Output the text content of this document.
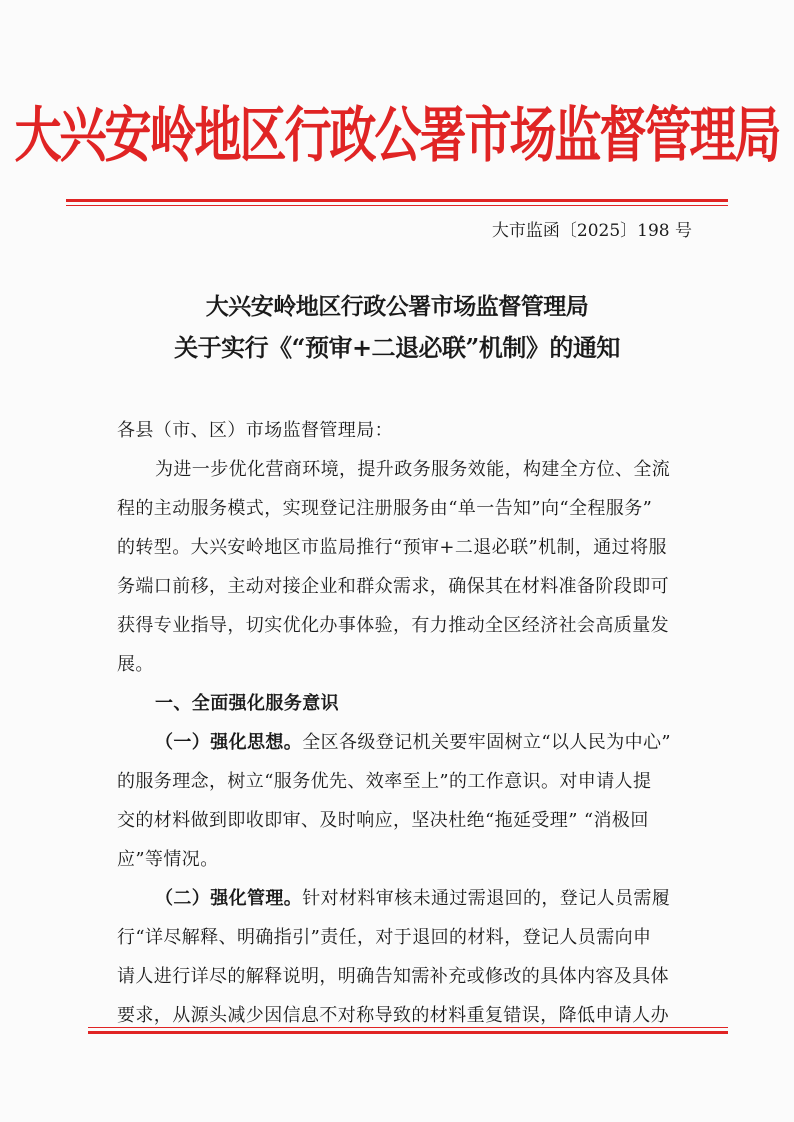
大兴安岭地区行政公署市场监督管理局
大市监函〔2025〕198 号
大兴安岭地区行政公署市场监督管理局
关于实行《“预审+二退必联”机制》的通知
各县（市、区）市场监督管理局：
为进一步优化营商环境，提升政务服务效能，构建全方位、全流
程的主动服务模式，实现登记注册服务由“单一告知”向“全程服务”
的转型。大兴安岭地区市监局推行“预审+二退必联”机制，通过将服
务端口前移，主动对接企业和群众需求，确保其在材料准备阶段即可
获得专业指导，切实优化办事体验，有力推动全区经济社会高质量发
展。
一、全面强化服务意识
（一）强化思想。全区各级登记机关要牢固树立“以人民为中心”
的服务理念，树立“服务优先、效率至上”的工作意识。对申请人提
交的材料做到即收即审、及时响应，坚决杜绝“拖延受理” “消极回
应”等情况。
（二）强化管理。针对材料审核未通过需退回的，登记人员需履
行“详尽解释、明确指引”责任，对于退回的材料，登记人员需向申
请人进行详尽的解释说明，明确告知需补充或修改的具体内容及具体
要求，从源头减少因信息不对称导致的材料重复错误，降低申请人办
